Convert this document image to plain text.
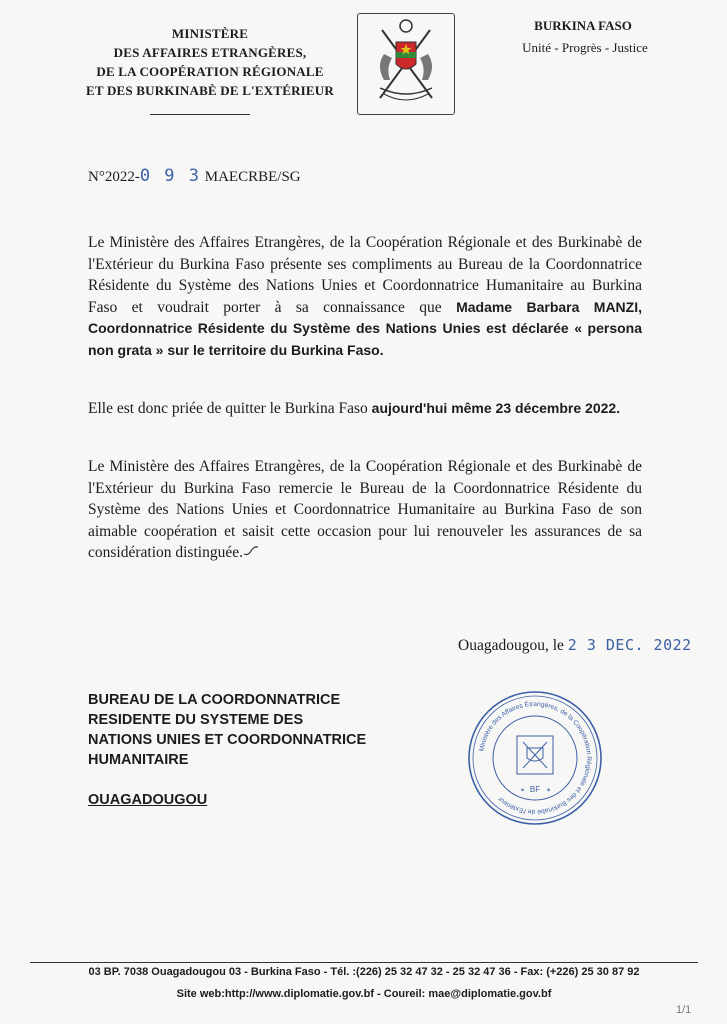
MINISTÈRE
DES AFFAIRES ETRANGÈRES,
DE LA COOPÉRATION RÉGIONALE
ET DES BURKINABÈ DE L'EXTÉRIEUR
BURKINA FASO
Unité - Progrès - Justice
N°2022-0 9 3 MAECRBE/SG
Le Ministère des Affaires Etrangères, de la Coopération Régionale et des Burkinabè de l'Extérieur du Burkina Faso présente ses compliments au Bureau de la Coordonnatrice Résidente du Système des Nations Unies et Coordonnatrice Humanitaire au Burkina Faso et voudrait porter à sa connaissance que Madame Barbara MANZI, Coordonnatrice Résidente du Système des Nations Unies est déclarée « persona non grata » sur le territoire du Burkina Faso.
Elle est donc priée de quitter le Burkina Faso aujourd'hui même 23 décembre 2022.
Le Ministère des Affaires Etrangères, de la Coopération Régionale et des Burkinabè de l'Extérieur du Burkina Faso remercie le Bureau de la Coordonnatrice Résidente du Système des Nations Unies et Coordonnatrice Humanitaire au Burkina Faso de son aimable coopération et saisit cette occasion pour lui renouveler les assurances de sa considération distinguée.
Ouagadougou, le 2 3 DEC. 2022
BUREAU DE LA COORDONNATRICE
RESIDENTE DU SYSTEME DES
NATIONS UNIES ET COORDONNATRICE
HUMANITAIRE
OUAGADOUGOU
Ministère des Affaires Étrangères, de la Coopération Régionale et des Burkinabè de l'Extérieur
BF
✶	✶
03 BP. 7038 Ouagadougou 03 - Burkina Faso - Tél. :(226) 25 32 47 32 - 25 32 47 36 - Fax: (+226) 25 30 87 92
Site web:http://www.diplomatie.gov.bf - Coureil: mae@diplomatie.gov.bf
1/1
